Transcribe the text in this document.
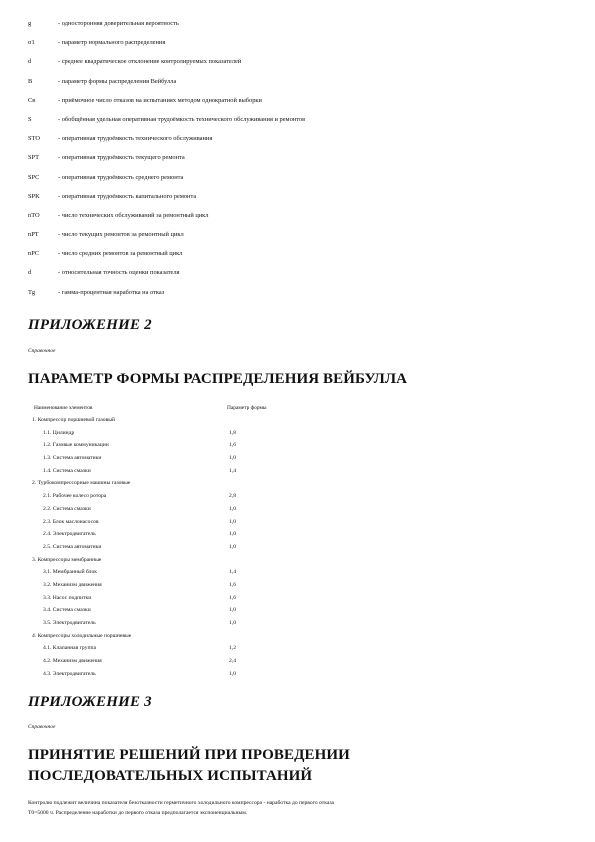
g	- односторонняя доверительная вероятность
σ1	- параметр нормального распределения
d	- среднее квадратическое отклонение контролируемых показателей
B	- параметр формы распределения Вейбулла
Cв	- приёмочное число отказов на испытаниях методом однократной выборки
S	- обобщённая удельная оперативная трудоёмкость технического обслуживания и ремонтов
STO	- оперативная трудоёмкость технического обслуживания
SPT	- оперативная трудоёмкость текущего ремонта
SPC	- оперативная трудоёмкость среднего ремонта
SPK	- оперативная трудоёмкость капитального ремонта
nTO	- число технических обслуживаний за ремонтный цикл
nPT	- число текущих ремонтов за ремонтный цикл
nPC	- число средних ремонтов за ремонтный цикл
d	- относительная точность оценки показателя
Tg	- гамма-процентная наработка на отказ
ПРИЛОЖЕНИЕ 2
Справочное
ПАРАМЕТР ФОРМЫ РАСПРЕДЕЛЕНИЯ ВЕЙБУЛЛА
Наименование элементов	Параметр формы
1. Компрессор поршневой газовый
1.1. Цилиндр	1,8
1.2. Газовые коммуникации	1,6
1.3. Система автоматики	1,0
1.4. Система смазки	1,4
2. Турбокомпрессорные машины газовые
2.1. Рабочее колесо ротора	2,8
2.2. Система смазки	1,0
2.3. Блок маслонасосов	1,0
2.4. Электродвигатель	1,0
2.5. Система автоматики	1,0
3. Компрессоры мембранные
3.1. Мембранный блок	1,4
3.2. Механизм движения	1,6
3.3. Насос подпитки	1,6
3.4. Система смазки	1,0
3.5. Электродвигатель	1,0
4. Компрессоры холодильные поршневые
4.1. Клапанная группа	1,2
4.2. Механизм движения	2,4
4.3. Электродвигатель	1,0
ПРИЛОЖЕНИЕ 3
Справочное
ПРИНЯТИЕ РЕШЕНИЙ ПРИ ПРОВЕДЕНИИ
ПОСЛЕДОВАТЕЛЬНЫХ ИСПЫТАНИЙ
Контролю подлежит величина показателя безотказности герметичного холодильного компрессора - наработка до первого отказа
T0=5000 ч. Распределение наработки до первого отказа предполагается экспоненциальным.
